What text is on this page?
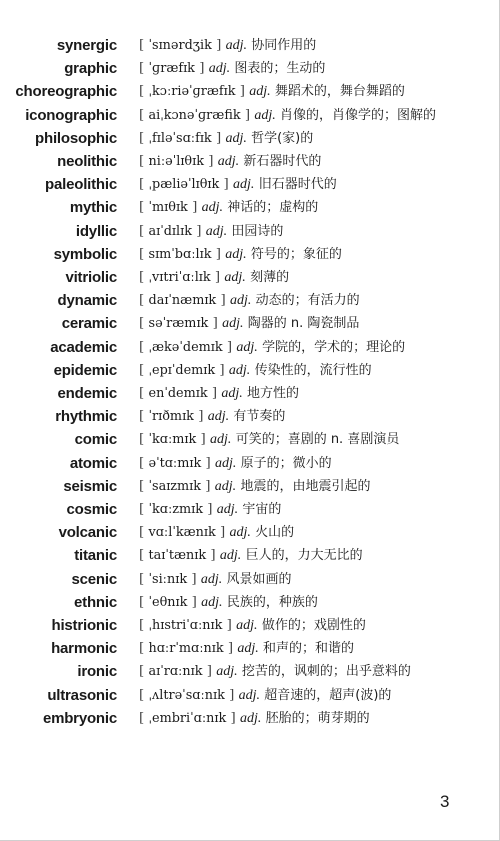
synergic [ ˈsɪnərdʒik ] adj. 协同作用的
graphic [ ˈɡræfɪk ] adj. 图表的；生动的
choreographic [ ˌkɔːriəˈɡræfɪk ] adj. 舞蹈术的，舞台舞蹈的
iconographic [ aiˌkɔnəˈɡræfik ] adj. 肖像的，肖像学的；图解的
philosophic [ ˌfɪləˈsɑːfɪk ] adj. 哲学(家)的
neolithic [ niːəˈlɪθɪk ] adj. 新石器时代的
paleolithic [ ˌpæliəˈlɪθɪk ] adj. 旧石器时代的
mythic [ ˈmɪθɪk ] adj. 神话的；虚构的
idyllic [ aɪˈdɪlɪk ] adj. 田园诗的
symbolic [ sɪmˈbɑːlɪk ] adj. 符号的；象征的
vitriolic [ ˌvɪtriˈɑːlɪk ] adj. 刻薄的
dynamic [ daɪˈnæmɪk ] adj. 动态的；有活力的
ceramic [ səˈræmɪk ] adj. 陶器的 n. 陶瓷制品
academic [ ˌækəˈdemɪk ] adj. 学院的，学术的；理论的
epidemic [ ˌepɪˈdemɪk ] adj. 传染性的，流行性的
endemic [ enˈdemɪk ] adj. 地方性的
rhythmic [ ˈrɪðmɪk ] adj. 有节奏的
comic [ ˈkɑːmɪk ] adj. 可笑的；喜剧的 n. 喜剧演员
atomic [ əˈtɑːmɪk ] adj. 原子的；微小的
seismic [ ˈsaɪzmɪk ] adj. 地震的，由地震引起的
cosmic [ ˈkɑːzmɪk ] adj. 宇宙的
volcanic [ vɑːlˈkænɪk ] adj. 火山的
titanic [ taɪˈtænɪk ] adj. 巨人的，力大无比的
scenic [ ˈsiːnɪk ] adj. 风景如画的
ethnic [ ˈeθnɪk ] adj. 民族的，种族的
histrionic [ ˌhɪstriˈɑːnɪk ] adj. 做作的；戏剧性的
harmonic [ hɑːrˈmɑːnɪk ] adj. 和声的；和谐的
ironic [ aɪˈrɑːnɪk ] adj. 挖苦的，讽刺的；出乎意料的
ultrasonic [ ˌʌltrəˈsɑːnɪk ] adj. 超音速的，超声(波)的
embryonic [ ˌembriˈɑːnɪk ] adj. 胚胎的；萌芽期的
3
